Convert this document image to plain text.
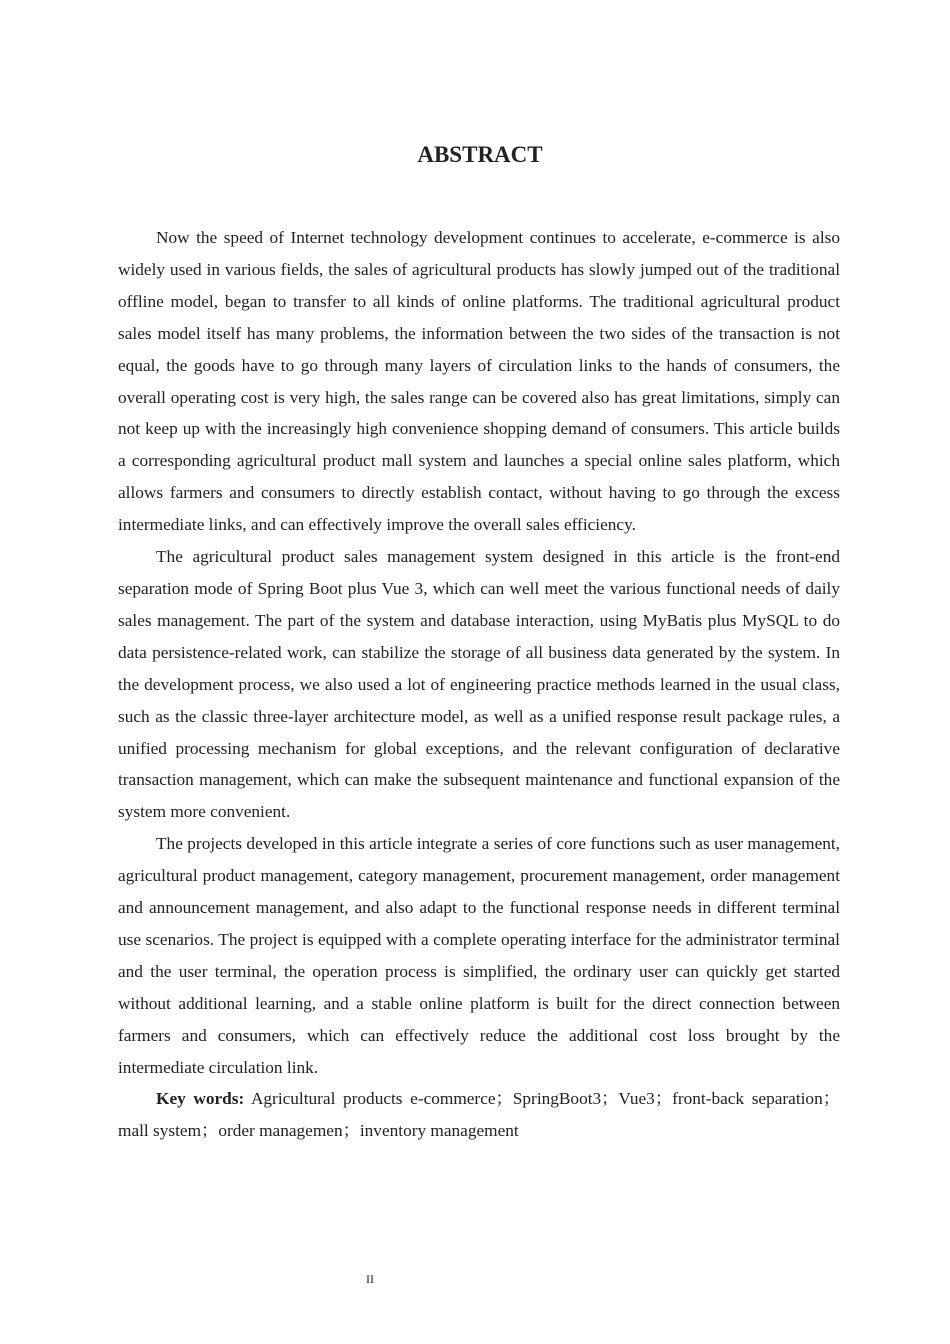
ABSTRACT

Now the speed of Internet technology development continues to accelerate, e-commerce is also widely used in various fields, the sales of agricultural products has slowly jumped out of the traditional offline model, began to transfer to all kinds of online platforms. The traditional agricultural product sales model itself has many problems, the information between the two sides of the transaction is not equal, the goods have to go through many layers of circulation links to the hands of consumers, the overall operating cost is very high, the sales range can be covered also has great limitations, simply can not keep up with the increasingly high convenience shopping demand of consumers. This article builds a corresponding agricultural product mall system and launches a special online sales platform, which allows farmers and consumers to directly establish contact, without having to go through the excess intermediate links, and can effectively improve the overall sales efficiency.

The agricultural product sales management system designed in this article is the front-end separation mode of Spring Boot plus Vue 3, which can well meet the various functional needs of daily sales management. The part of the system and database interaction, using MyBatis plus MySQL to do data persistence-related work, can stabilize the storage of all business data generated by the system. In the development process, we also used a lot of engineering practice methods learned in the usual class, such as the classic three-layer architecture model, as well as a unified response result package rules, a unified processing mechanism for global exceptions, and the relevant configuration of declarative transaction management, which can make the subsequent maintenance and functional expansion of the system more convenient.

The projects developed in this article integrate a series of core functions such as user management, agricultural product management, category management, procurement management, order management and announcement management, and also adapt to the functional response needs in different terminal use scenarios. The project is equipped with a complete operating interface for the administrator terminal and the user terminal, the operation process is simplified, the ordinary user can quickly get started without additional learning, and a stable online platform is built for the direct connection between farmers and consumers, which can effectively reduce the additional cost loss brought by the intermediate circulation link.

Key words: Agricultural products e-commerce；SpringBoot3；Vue3；front-back separation；mall system；order managemen；inventory management

II
